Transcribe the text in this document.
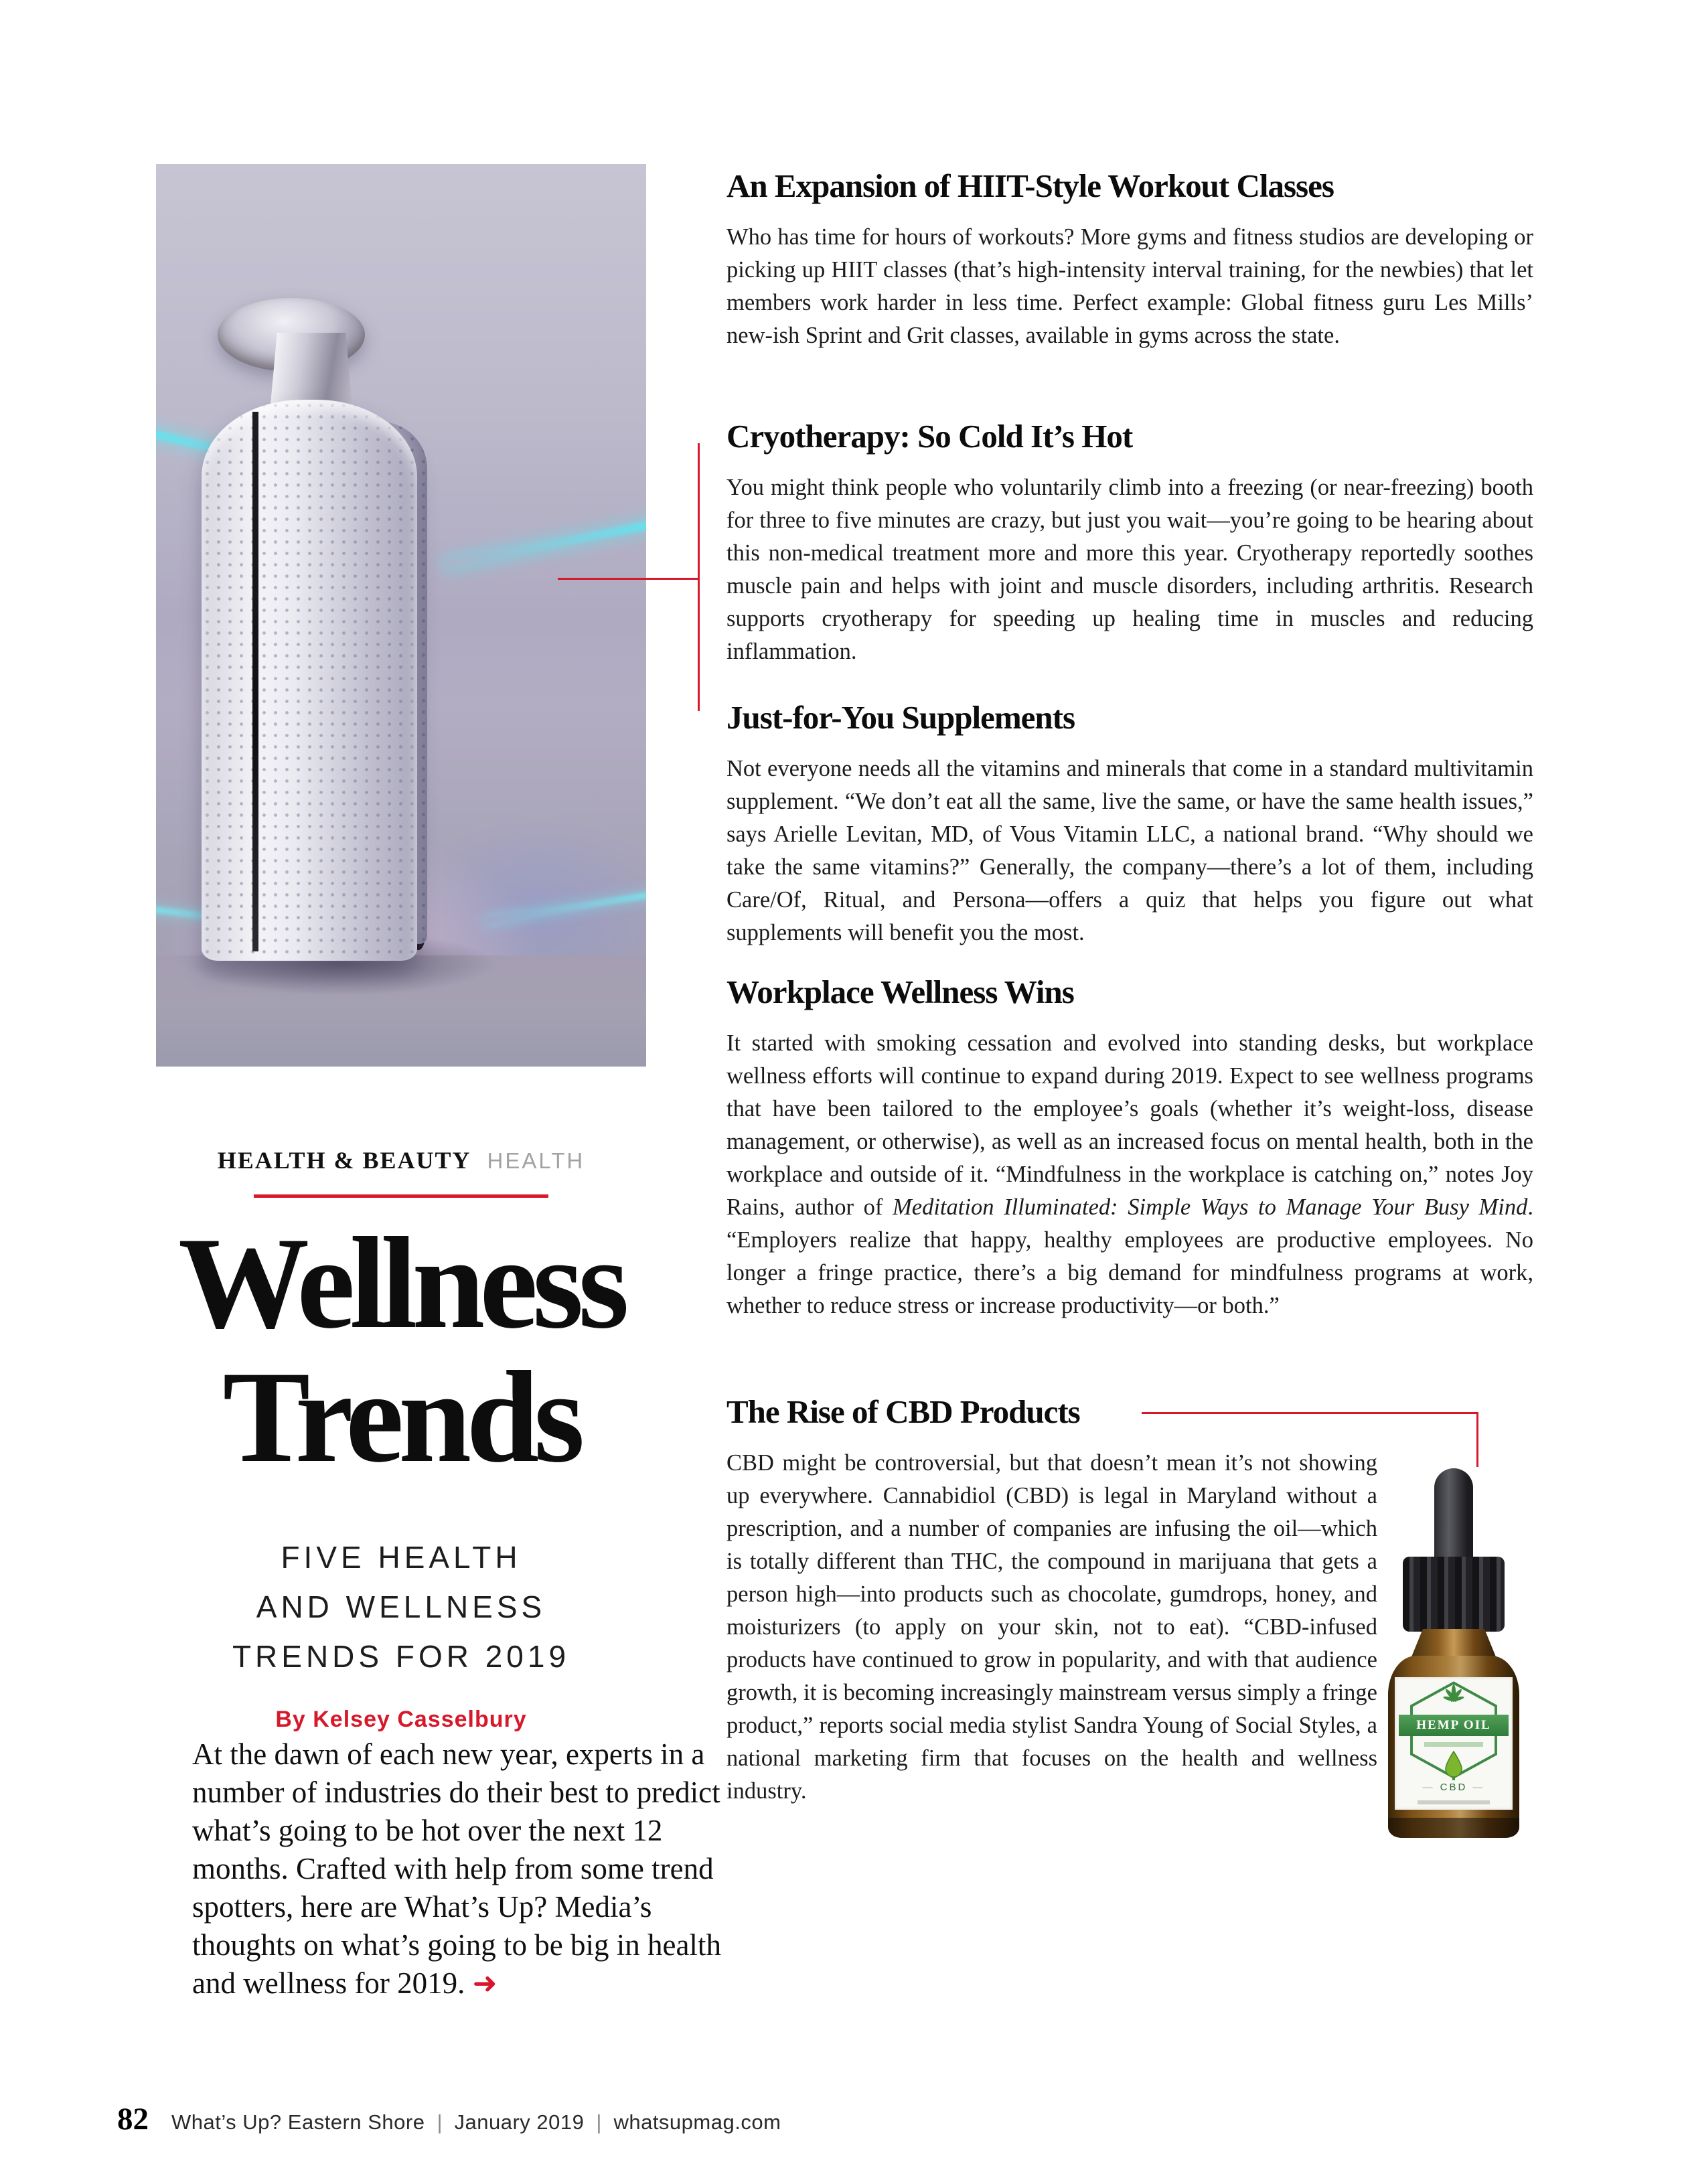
HEALTH & BEAUTY HEALTH
Wellness
Trends
FIVE HEALTH
AND WELLNESS
TRENDS FOR 2019
By Kelsey Casselbury

At the dawn of each new year, experts in a number of industries do their best to predict what’s going to be hot over the next 12 months. Crafted with help from some trend spotters, here are What’s Up? Media’s thoughts on what’s going to be big in health and wellness for 2019. ➜

82 What’s Up? Eastern Shore | January 2019 | whatsupmag.com
An Expansion of HIIT-Style Workout Classes

Who has time for hours of workouts? More gyms and fitness studios are developing or picking up HIIT classes (that’s high-intensity interval training, for the newbies) that let members work harder in less time. Perfect example: Global fitness guru Les Mills’ new-ish Sprint and Grit classes, available in gyms across the state.

Cryotherapy: So Cold It’s Hot

You might think people who voluntarily climb into a freezing (or near-freezing) booth for three to five minutes are crazy, but just you wait—you’re going to be hearing about this non-medical treatment more and more this year. Cryotherapy reportedly soothes muscle pain and helps with joint and muscle disorders, including arthritis. Research supports cryotherapy for speeding up healing time in muscles and reducing inflammation.

Just-for-You Supplements

Not everyone needs all the vitamins and minerals that come in a standard multivitamin supplement. “We don’t eat all the same, live the same, or have the same health issues,” says Arielle Levitan, MD, of Vous Vitamin LLC, a national brand. “Why should we take the same vitamins?” Generally, the company—there’s a lot of them, including Care/Of, Ritual, and Persona—offers a quiz that helps you figure out what supplements will benefit you the most.

Workplace Wellness Wins

It started with smoking cessation and evolved into standing desks, but workplace wellness efforts will continue to expand during 2019. Expect to see wellness programs that have been tailored to the employee’s goals (whether it’s weight-loss, disease management, or otherwise), as well as an increased focus on mental health, both in the workplace and outside of it. “Mindfulness in the workplace is catching on,” notes Joy Rains, author of Meditation Illuminated: Simple Ways to Manage Your Busy Mind. “Employers realize that happy, healthy employees are productive employees. No longer a fringe practice, there’s a big demand for mindfulness programs at work, whether to reduce stress or increase productivity—or both.”

The Rise of CBD Products

CBD might be controversial, but that doesn’t mean it’s not showing up everywhere. Cannabidiol (CBD) is legal in Maryland without a prescription, and a number of companies are infusing the oil—which is totally different than THC, the compound in marijuana that gets a person high—into products such as chocolate, gumdrops, honey, and moisturizers (to apply on your skin, not to eat). “CBD-infused products have continued to grow in popularity, and with that audience growth, it is becoming increasingly mainstream versus simply a fringe product,” reports social media stylist Sandra Young of Social Styles, a national marketing firm that focuses on the health and wellness industry.

HEMP OIL
— CBD —
